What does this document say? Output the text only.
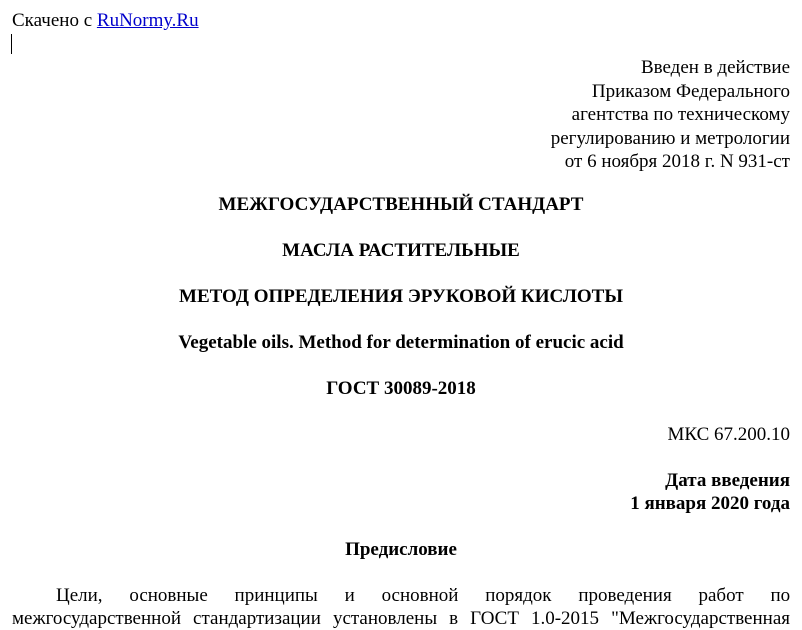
Скачено с RuNormy.Ru
Введен в действие
Приказом Федерального
агентства по техническому
регулированию и метрологии
от 6 ноября 2018 г. N 931-ст
МЕЖГОСУДАРСТВЕННЫЙ СТАНДАРТ
МАСЛА РАСТИТЕЛЬНЫЕ
МЕТОД ОПРЕДЕЛЕНИЯ ЭРУКОВОЙ КИСЛОТЫ
Vegetable oils. Method for determination of erucic acid
ГОСТ 30089-2018
МКС 67.200.10
Дата введения
1 января 2020 года
Предисловие
Цели, основные принципы и основной порядок проведения работ по
межгосударственной стандартизации установлены в ГОСТ 1.0-2015 "Межгосударственная
